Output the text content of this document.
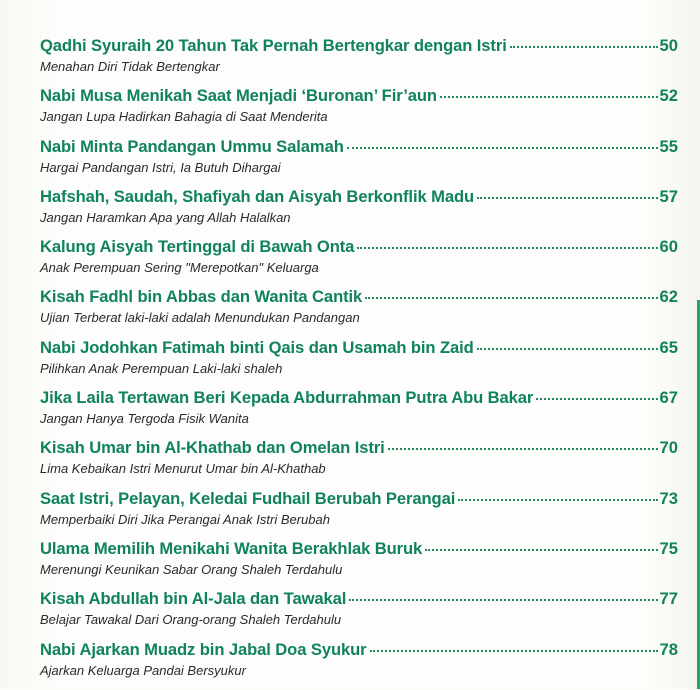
Qadhi Syuraih 20 Tahun Tak Pernah Bertengkar dengan Istri	50
Menahan Diri Tidak Bertengkar
Nabi Musa Menikah Saat Menjadi ‘Buronan’ Fir’aun	52
Jangan Lupa Hadirkan Bahagia di Saat Menderita
Nabi Minta Pandangan Ummu Salamah	55
Hargai Pandangan Istri, Ia Butuh Dihargai
Hafshah, Saudah, Shafiyah dan Aisyah Berkonflik Madu	57
Jangan Haramkan Apa yang Allah Halalkan
Kalung Aisyah Tertinggal di Bawah Onta	60
Anak Perempuan Sering "Merepotkan" Keluarga
Kisah Fadhl bin Abbas dan Wanita Cantik	62
Ujian Terberat laki-laki adalah Menundukan Pandangan
Nabi Jodohkan Fatimah binti Qais dan Usamah bin Zaid	65
Pilihkan Anak Perempuan Laki-laki shaleh
Jika Laila Tertawan Beri Kepada Abdurrahman Putra Abu Bakar	67
Jangan Hanya Tergoda Fisik Wanita
Kisah Umar bin Al-Khathab dan Omelan Istri	70
Lima Kebaikan Istri Menurut Umar bin Al-Khathab
Saat Istri, Pelayan, Keledai Fudhail Berubah Perangai	73
Memperbaiki Diri Jika Perangai Anak Istri Berubah
Ulama Memilih Menikahi Wanita Berakhlak Buruk	75
Merenungi Keunikan Sabar Orang Shaleh Terdahulu
Kisah Abdullah bin Al-Jala dan Tawakal	77
Belajar Tawakal Dari Orang-orang Shaleh Terdahulu
Nabi Ajarkan Muadz bin Jabal Doa Syukur	78
Ajarkan Keluarga Pandai Bersyukur
